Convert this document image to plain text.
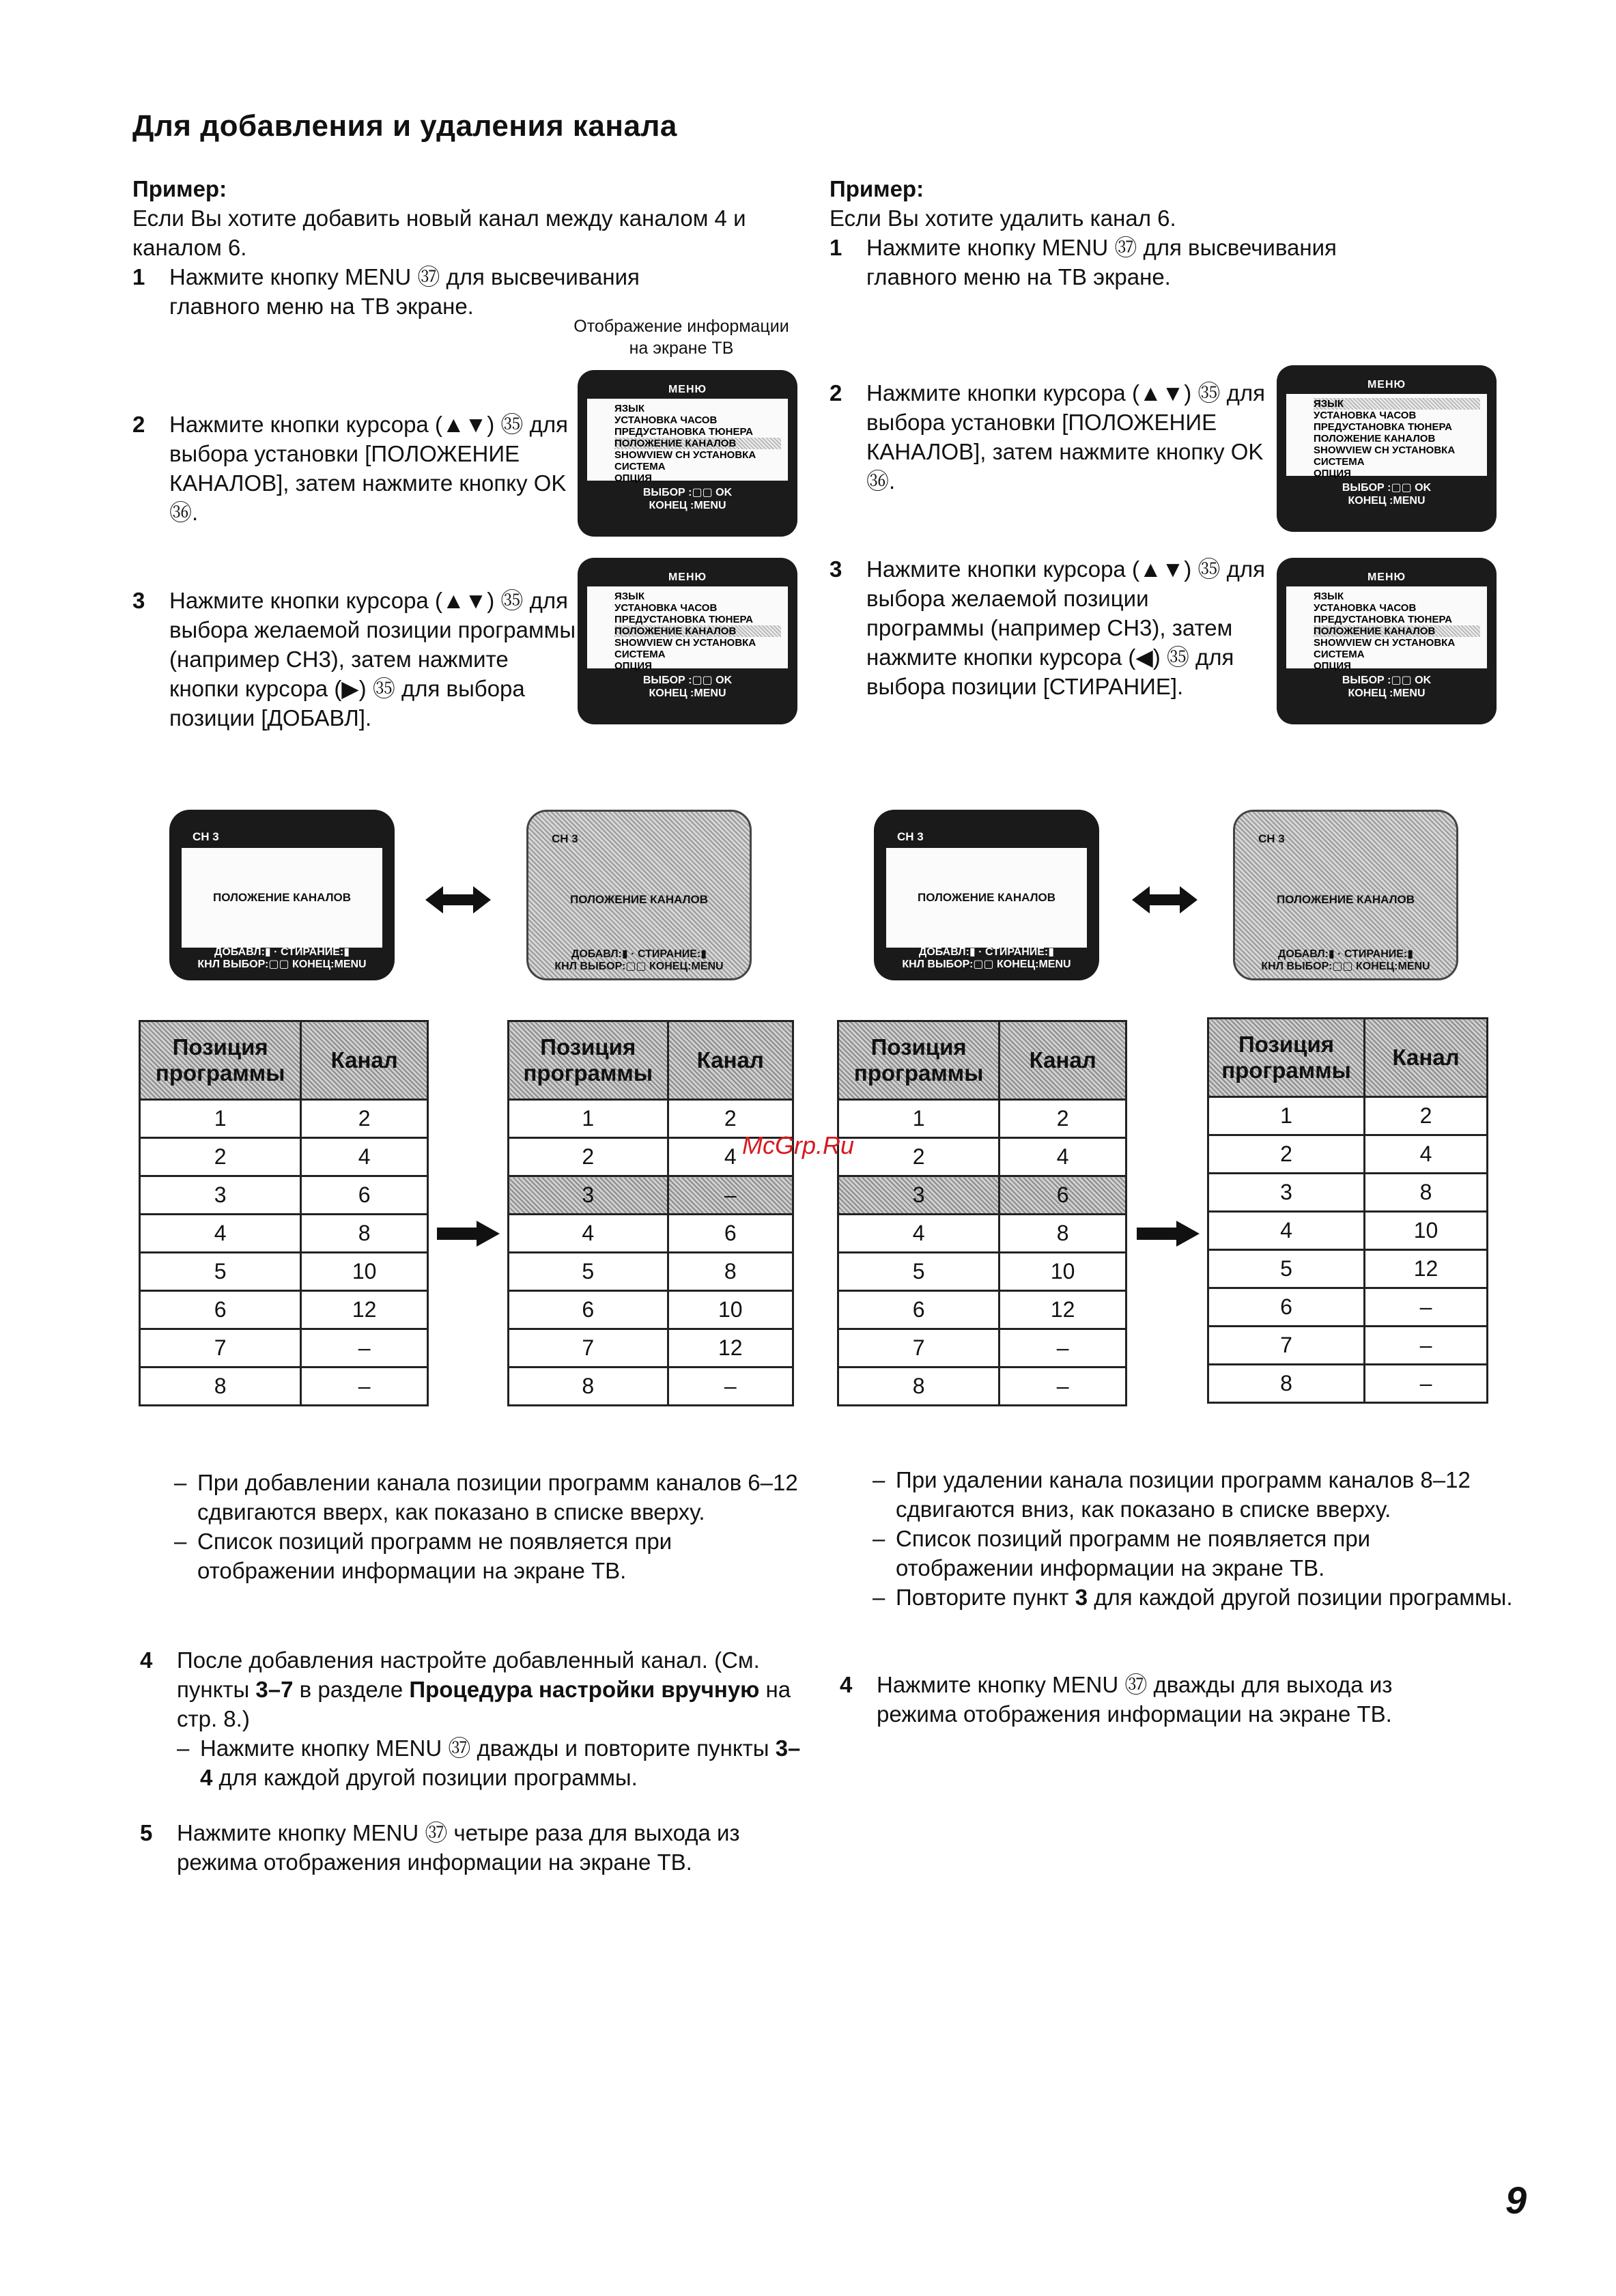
Для добавления и удаления канала
Пример:
Если Вы хотите добавить новый канал между каналом 4 и каналом 6.
1	Нажмите кнопку MENU ㊲ для высвечивания главного меню на ТВ экране.
Отображение информации на экране ТВ
2	Нажмите кнопки курсора (▲▼) ㉟ для выбора установки [ПОЛОЖЕНИЕ КАНАЛОВ], затем нажмите кнопку OK ㊱.
3	Нажмите кнопки курсора (▲▼) ㉟ для выбора желаемой позиции программы (например CH3), затем нажмите кнопки курсора (▶) ㉟ для выбора позиции [ДОБАВЛ].
МЕНЮ
ЯЗЫК
УСТАНОВКА ЧАСОВ
ПРЕДУСТАНОВКА ТЮНЕРА
ПОЛОЖЕНИЕ КАНАЛОВ
SHOWVIEW CH УСТАНОВКА
СИСТЕМА
ОПЦИЯ
ВЫБОР :▢▢ OK
КОНЕЦ :MENU
МЕНЮ
ЯЗЫК
УСТАНОВКА ЧАСОВ
ПРЕДУСТАНОВКА ТЮНЕРА
ПОЛОЖЕНИЕ КАНАЛОВ
SHOWVIEW CH УСТАНОВКА
СИСТЕМА
ОПЦИЯ
ВЫБОР :▢▢ OK
КОНЕЦ :MENU
Пример:
Если Вы хотите удалить канал 6.
1	Нажмите кнопку MENU ㊲ для высвечивания главного меню на ТВ экране.
2	Нажмите кнопки курсора (▲▼) ㉟ для выбора установки [ПОЛОЖЕНИЕ КАНАЛОВ], затем нажмите кнопку OK ㊱.
3	Нажмите кнопки курсора (▲▼) ㉟ для выбора желаемой позиции программы (например CH3), затем нажмите кнопки курсора (◀) ㉟ для выбора позиции [СТИРАНИЕ].
МЕНЮ
ЯЗЫК
УСТАНОВКА ЧАСОВ
ПРЕДУСТАНОВКА ТЮНЕРА
ПОЛОЖЕНИЕ КАНАЛОВ
SHOWVIEW CH УСТАНОВКА
СИСТЕМА
ОПЦИЯ
ВЫБОР :▢▢ OK
КОНЕЦ :MENU
МЕНЮ
ЯЗЫК
УСТАНОВКА ЧАСОВ
ПРЕДУСТАНОВКА ТЮНЕРА
ПОЛОЖЕНИЕ КАНАЛОВ
SHOWVIEW CH УСТАНОВКА
СИСТЕМА
ОПЦИЯ
ВЫБОР :▢▢ OK
КОНЕЦ :MENU
CH 3
ПОЛОЖЕНИЕ КАНАЛОВ
ДОБАВЛ:▮ · СТИРАНИЕ:▮
КНЛ ВЫБОР:▢▢ КОНЕЦ:MENU
CH 3
ПОЛОЖЕНИЕ КАНАЛОВ
ДОБАВЛ:▮ · СТИРАНИЕ:▮
КНЛ ВЫБОР:▢▢ КОНЕЦ:MENU
CH 3
ПОЛОЖЕНИЕ КАНАЛОВ
ДОБАВЛ:▮ · СТИРАНИЕ:▮
КНЛ ВЫБОР:▢▢ КОНЕЦ:MENU
CH 3
ПОЛОЖЕНИЕ КАНАЛОВ
ДОБАВЛ:▮ · СТИРАНИЕ:▮
КНЛ ВЫБОР:▢▢ КОНЕЦ:MENU
Позиция программы	Канал
1	2
2	4
3	6
4	8
5	10
6	12
7	–
8	–
Позиция программы	Канал
1	2
2	4
3	–
4	6
5	8
6	10
7	12
8	–
Позиция программы	Канал
1	2
2	4
3	6
4	8
5	10
6	12
7	–
8	–
Позиция программы	Канал
1	2
2	4
3	8
4	10
5	12
6	–
7	–
8	–
McGrp.Ru
– При добавлении канала позиции программ каналов 6–12 сдвигаются вверх, как показано в списке вверху.
– Список позиций программ не появляется при отображении информации на экране ТВ.
4	После добавления настройте добавленный канал. (См. пункты 3–7 в разделе Процедура настройки вручную на стр. 8.)
– Нажмите кнопку MENU ㊲ дважды и повторите пункты 3–4 для каждой другой позиции программы.
5	Нажмите кнопку MENU ㊲ четыре раза для выхода из режима отображения информации на экране ТВ.
– При удалении канала позиции программ каналов 8–12 сдвигаются вниз, как показано в списке вверху.
– Список позиций программ не появляется при отображении информации на экране ТВ.
– Повторите пункт 3 для каждой другой позиции программы.
4	Нажмите кнопку MENU ㊲ дважды для выхода из режима отображения информации на экране ТВ.
9
